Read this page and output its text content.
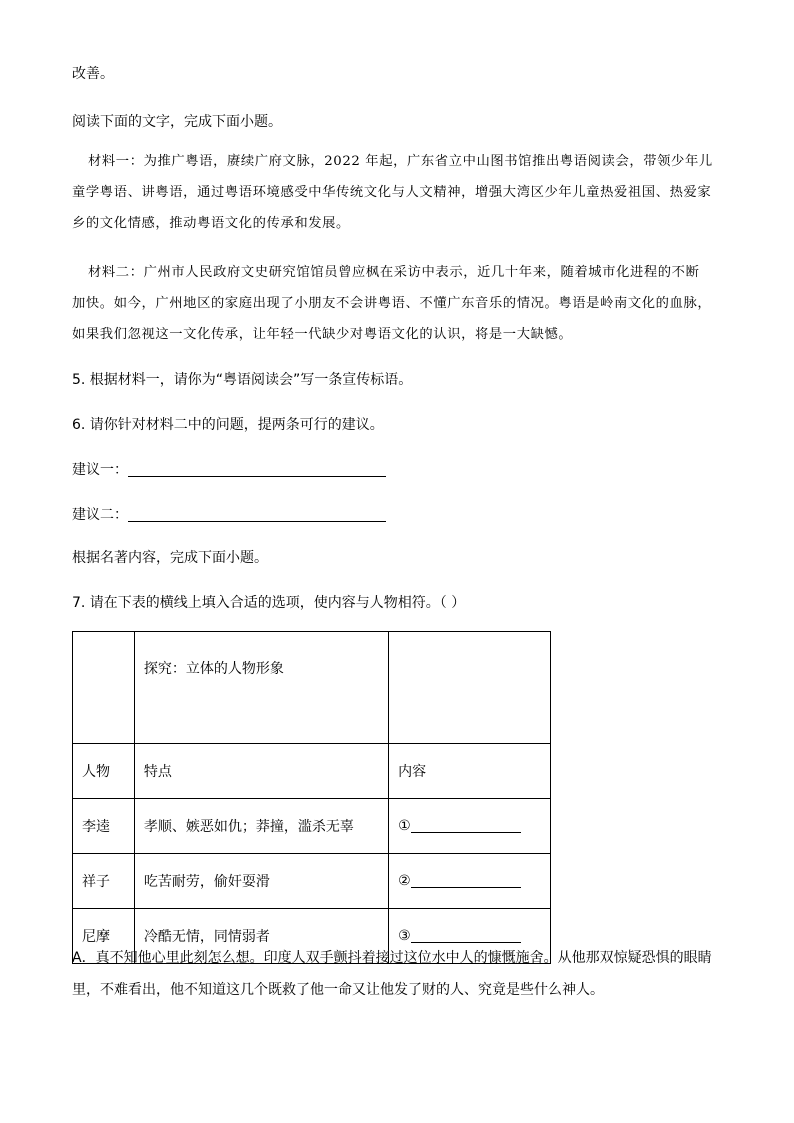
改善。
阅读下面的文字，完成下面小题。
材料一：为推广粤语，赓续广府文脉，2022 年起，广东省立中山图书馆推出粤语阅读会，带领少年儿
童学粤语、讲粤语，通过粤语环境感受中华传统文化与人文精神，增强大湾区少年儿童热爱祖国、热爱家
乡的文化情感，推动粤语文化的传承和发展。
材料二：广州市人民政府文史研究馆馆员曾应枫在采访中表示，近几十年来，随着城市化进程的不断
加快。如今，广州地区的家庭出现了小朋友不会讲粤语、不懂广东音乐的情况。粤语是岭南文化的血脉，
如果我们忽视这一文化传承，让年轻一代缺少对粤语文化的认识，将是一大缺憾。
5. 根据材料一，请你为“粤语阅读会”写一条宣传标语。
6. 请你针对材料二中的问题，提两条可行的建议。
建议一：
建议二：
根据名著内容，完成下面小题。
7. 请在下表的横线上填入合适的选项，使内容与人物相符。（ ）
	探究：立体的人物形象	
人物	特点	内容
李逵	孝顺、嫉恶如仇；莽撞，滥杀无辜	①
祥子	吃苦耐劳，偷奸耍滑	②
尼摩	冷酷无情，同情弱者	③
A．真不知他心里此刻怎么想。印度人双手颤抖着接过这位水中人的慷慨施舍。从他那双惊疑恐惧的眼睛
里，不难看出，他不知道这几个既救了他一命又让他发了财的人、究竟是些什么神人。
